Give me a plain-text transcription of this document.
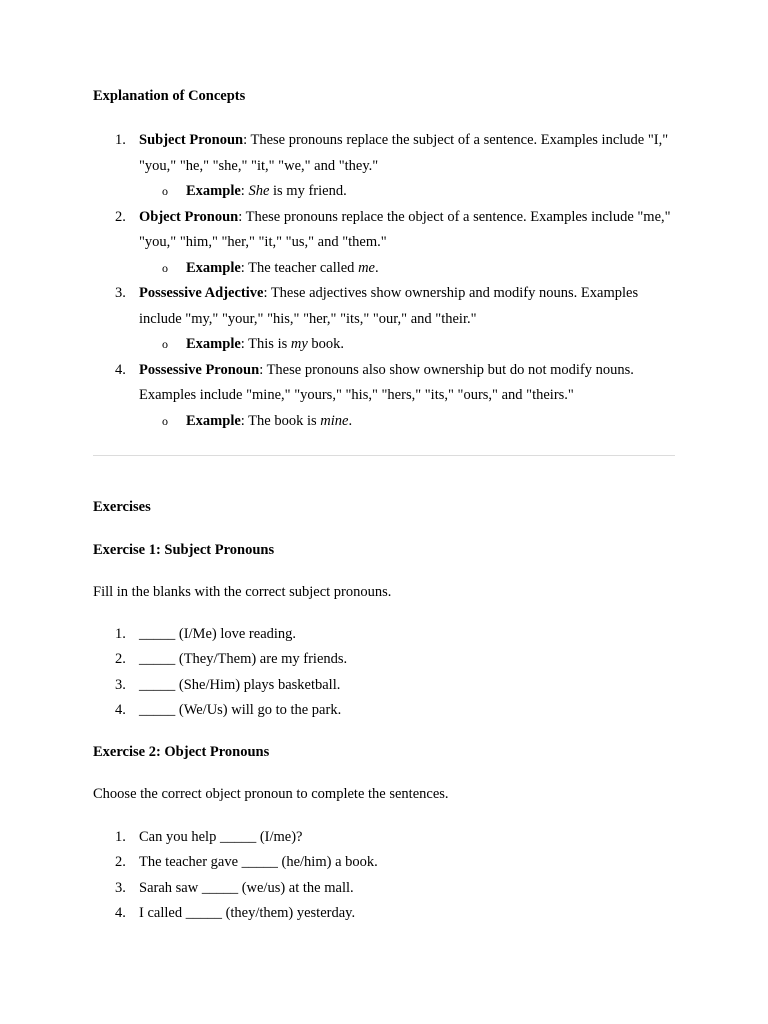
Explanation of Concepts

1. Subject Pronoun: These pronouns replace the subject of a sentence. Examples include "I," "you," "he," "she," "it," "we," and "they."
o Example: She is my friend.
2. Object Pronoun: These pronouns replace the object of a sentence. Examples include "me," "you," "him," "her," "it," "us," and "them."
o Example: The teacher called me.
3. Possessive Adjective: These adjectives show ownership and modify nouns. Examples include "my," "your," "his," "her," "its," "our," and "their."
o Example: This is my book.
4. Possessive Pronoun: These pronouns also show ownership but do not modify nouns. Examples include "mine," "yours," "his," "hers," "its," "ours," and "theirs."
o Example: The book is mine.

Exercises

Exercise 1: Subject Pronouns

Fill in the blanks with the correct subject pronouns.

1. _____ (I/Me) love reading.
2. _____ (They/Them) are my friends.
3. _____ (She/Him) plays basketball.
4. _____ (We/Us) will go to the park.

Exercise 2: Object Pronouns

Choose the correct object pronoun to complete the sentences.

1. Can you help _____ (I/me)?
2. The teacher gave _____ (he/him) a book.
3. Sarah saw _____ (we/us) at the mall.
4. I called _____ (they/them) yesterday.
